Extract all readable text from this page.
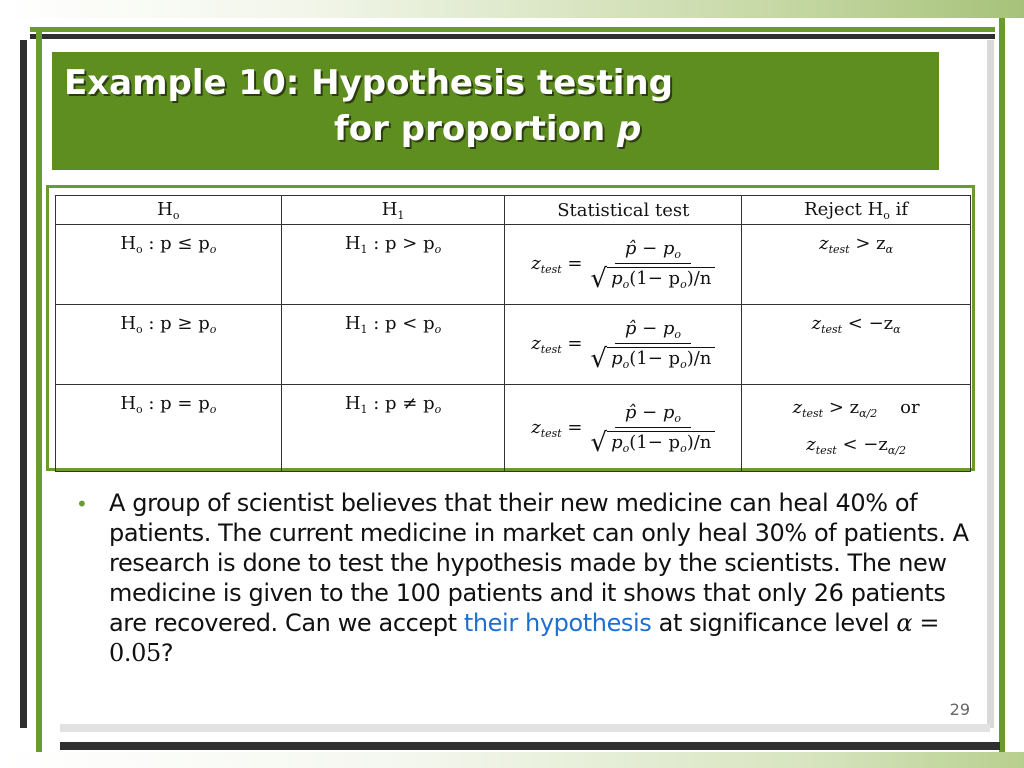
Example 10: Hypothesis testing
for proportion p
$H_o$	$H_1$	Statistical test	Reject $H_o$ if
$H_o$ : $p \le p_o$	$H_1$ : $p > p_o$	$z_{test} = \frac{p̂ - p_o}{√ p_o(1- p_o)/n}$	$z_{test} > z_\alpha$
$H_o$ : $p \ge p_o$	$H_1$ : $p < p_o$	$z_{test} = \frac{p̂ - p_o}{√ p_o(1- p_o)/n}$	$z_{test} < -z_\alpha$
$H_o$ : $p = p_o$	$H_1$ : $p \ne p_o$	$z_{test} = \frac{p̂ - p_o}{√ p_o(1- p_o)/n}$	$z_{test} > z_{\alpha/2}$ or
$z_{test} < -z_{\alpha/2}$
• A group of scientist believes that their new medicine can heal 40% of patients. The current medicine in market can only heal 30% of patients. A research is done to test the hypothesis made by the scientists. The new medicine is given to the 100 patients and it shows that only 26 patients are recovered. Can we accept their hypothesis at significance level α = 0.05?

29
